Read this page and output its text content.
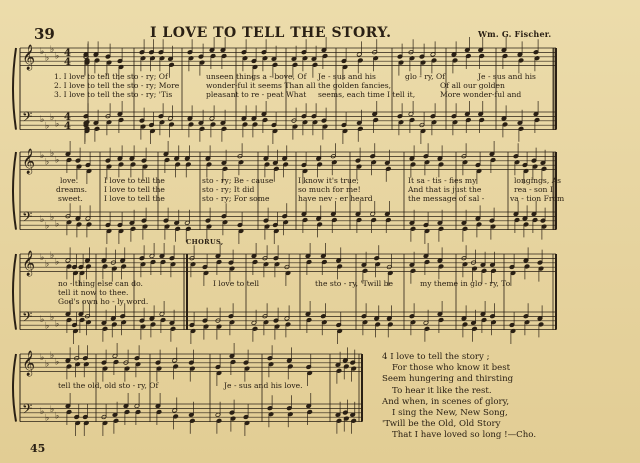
39	I LOVE TO TELL THE STORY.	Wm. G. Fischer.
𝄞
𝄢
♭
♭
♭
♭
♭
♭
♭
♭
4
4
4
4
𝄞
𝄢
♭
♭
♭
♭
♭
♭
♭
♭
𝄞
𝄢
♭
♭
♭
♭
♭
♭
♭
♭
𝄞
𝄢
♭
♭
♭
♭
♭
♭
♭
♭
1. I love to tell the sto - ry; Of	unseen things a - bove, Of Je - sus and his	glo - ry, Of	Je - sus and his
2. I love to tell the sto - ry; More	wonder-ful it seems Than all the golden fancies,	Of all our golden
3. I love to tell the sto - ry; 'Tis	pleasant to re - peat What seems, each time I tell it,	More wonder-ful and
love.	I love to tell the	sto - ry; Be - cause	I know it's true;	It sa - tis - fies my	longings, As
dreams. I love to tell the	sto - ry; It did	so much for me!	And that is just the	rea - son I
sweet.	I love to tell the	sto - ry; For some	have nev - er heard	the message of sal -	va - tion From
CHORUS,
no - thing else can do.	I love to tell	the sto - ry, 'Twill be	my theme in glo - ry, To
tell it now to thee.
God's own ho - ly word.
tell the old, old sto - ry, Of	Je - sus and his love.
4 I love to tell the story ;
For those who know it best
Seem hungering and thirsting
To hear it like the rest.
And when, in scenes of glory,
I sing the New, New Song,
'Twill be the Old, Old Story
That I have loved so long !—Cho.
45
